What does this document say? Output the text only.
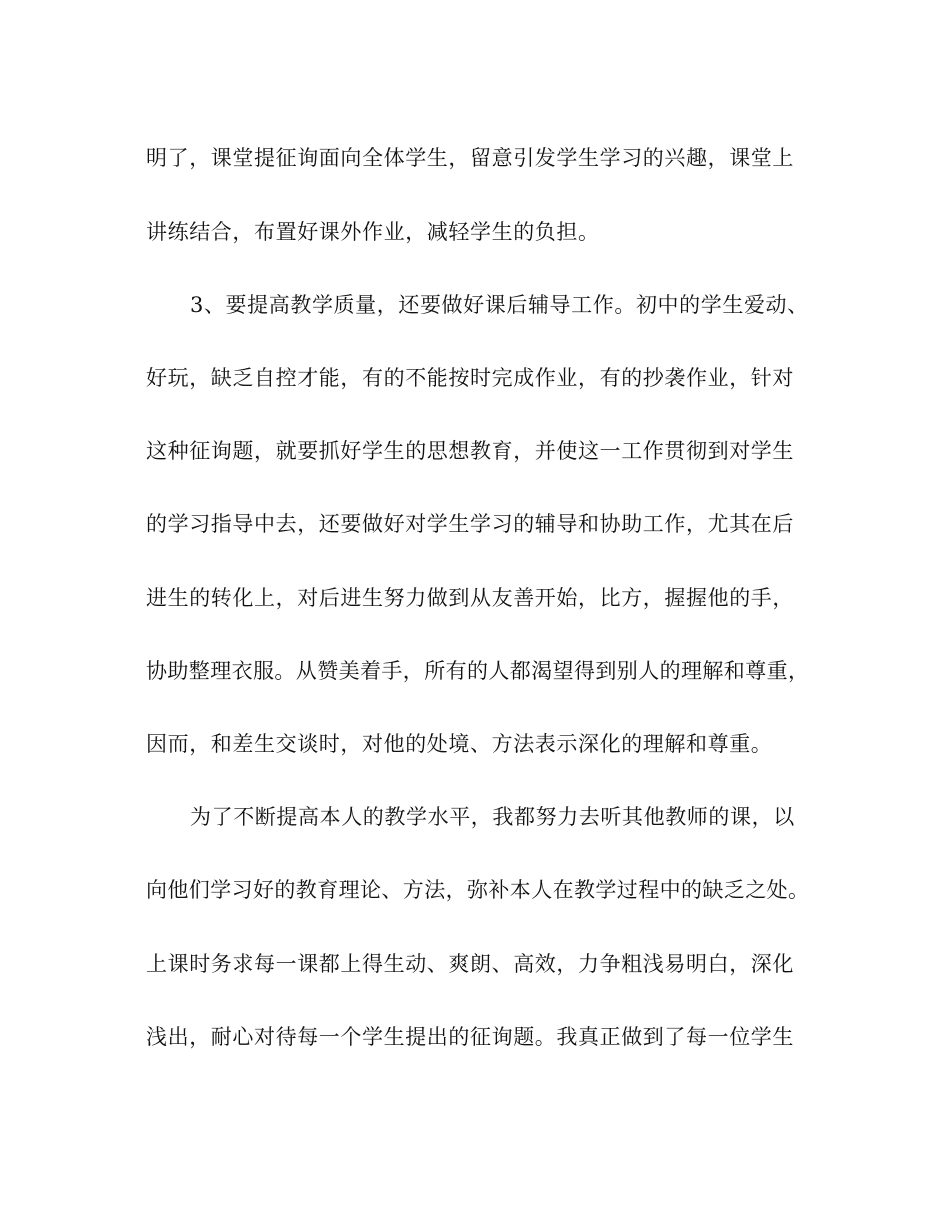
明了，课堂提征询面向全体学生，留意引发学生学习的兴趣，课堂上
讲练结合，布置好课外作业，减轻学生的负担。
3、要提高教学质量，还要做好课后辅导工作。初中的学生爱动、
好玩，缺乏自控才能，有的不能按时完成作业，有的抄袭作业，针对
这种征询题，就要抓好学生的思想教育，并使这一工作贯彻到对学生
的学习指导中去，还要做好对学生学习的辅导和协助工作，尤其在后
进生的转化上，对后进生努力做到从友善开始，比方，握握他的手，
协助整理衣服。从赞美着手，所有的人都渴望得到别人的理解和尊重，
因而，和差生交谈时，对他的处境、方法表示深化的理解和尊重。
为了不断提高本人的教学水平，我都努力去听其他教师的课，以
向他们学习好的教育理论、方法，弥补本人在教学过程中的缺乏之处。
上课时务求每一课都上得生动、爽朗、高效，力争粗浅易明白，深化
浅出，耐心对待每一个学生提出的征询题。我真正做到了每一位学生
